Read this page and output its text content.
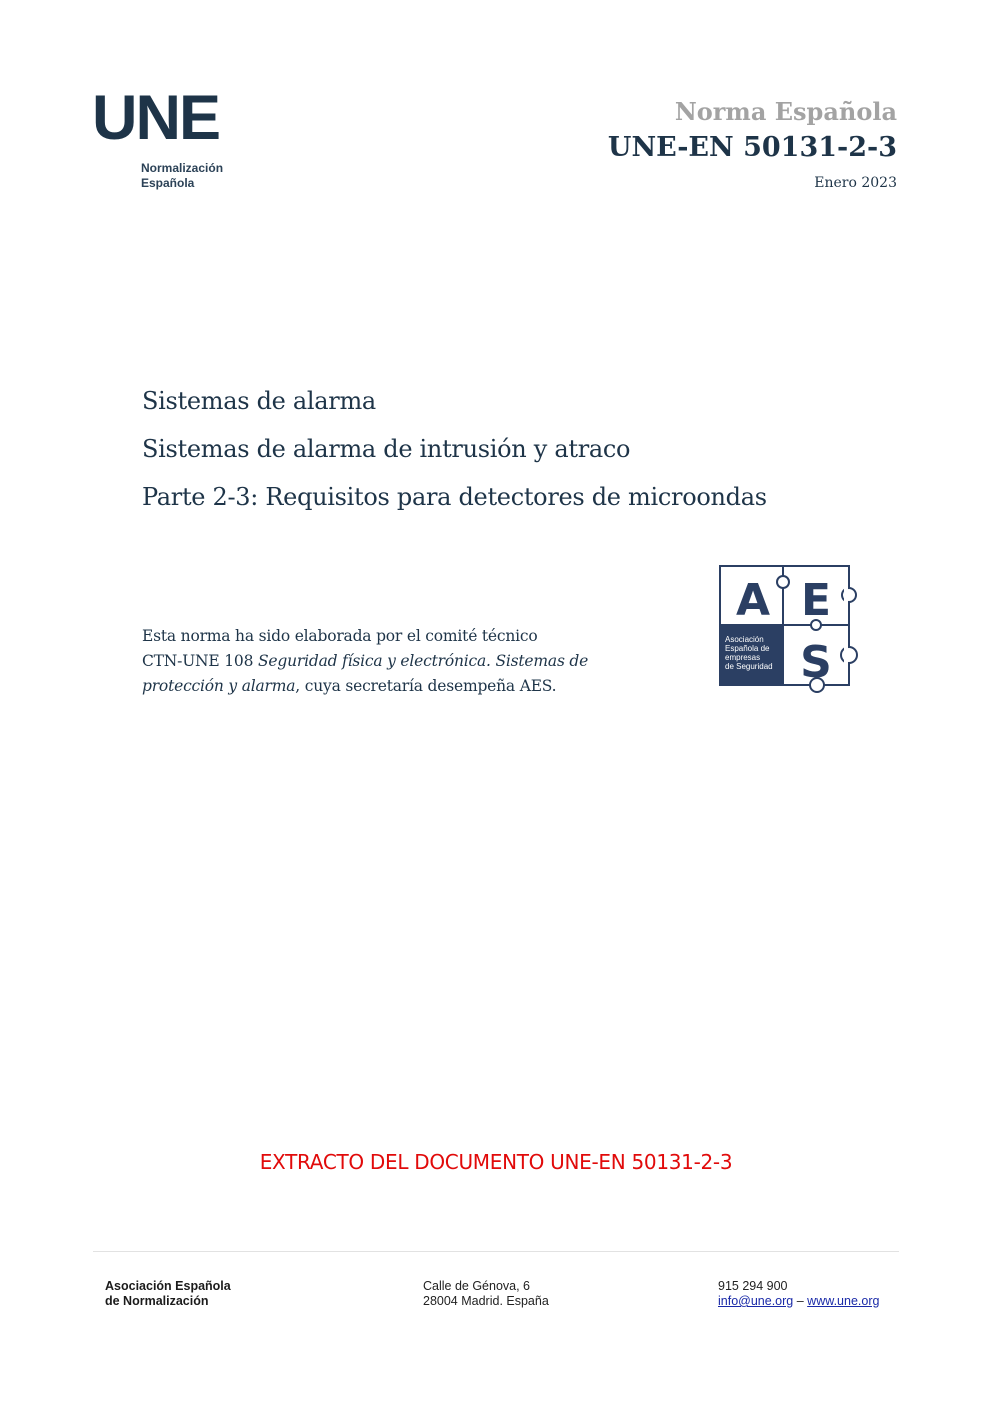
UNE
Normalización
Española
Norma Española
UNE-EN 50131-2-3
Enero 2023
Sistemas de alarma
Sistemas de alarma de intrusión y atraco
Parte 2-3: Requisitos para detectores de microondas
Esta norma ha sido elaborada por el comité técnico
CTN-UNE 108 Seguridad física y electrónica. Sistemas de
protección y alarma, cuya secretaría desempeña AES.
A E
S
Asociación
Española de
empresas
de Seguridad
EXTRACTO DEL DOCUMENTO UNE-EN 50131-2-3
Asociación Española
de Normalización
Calle de Génova, 6
28004 Madrid. España
915 294 900
info@une.org – www.une.org
